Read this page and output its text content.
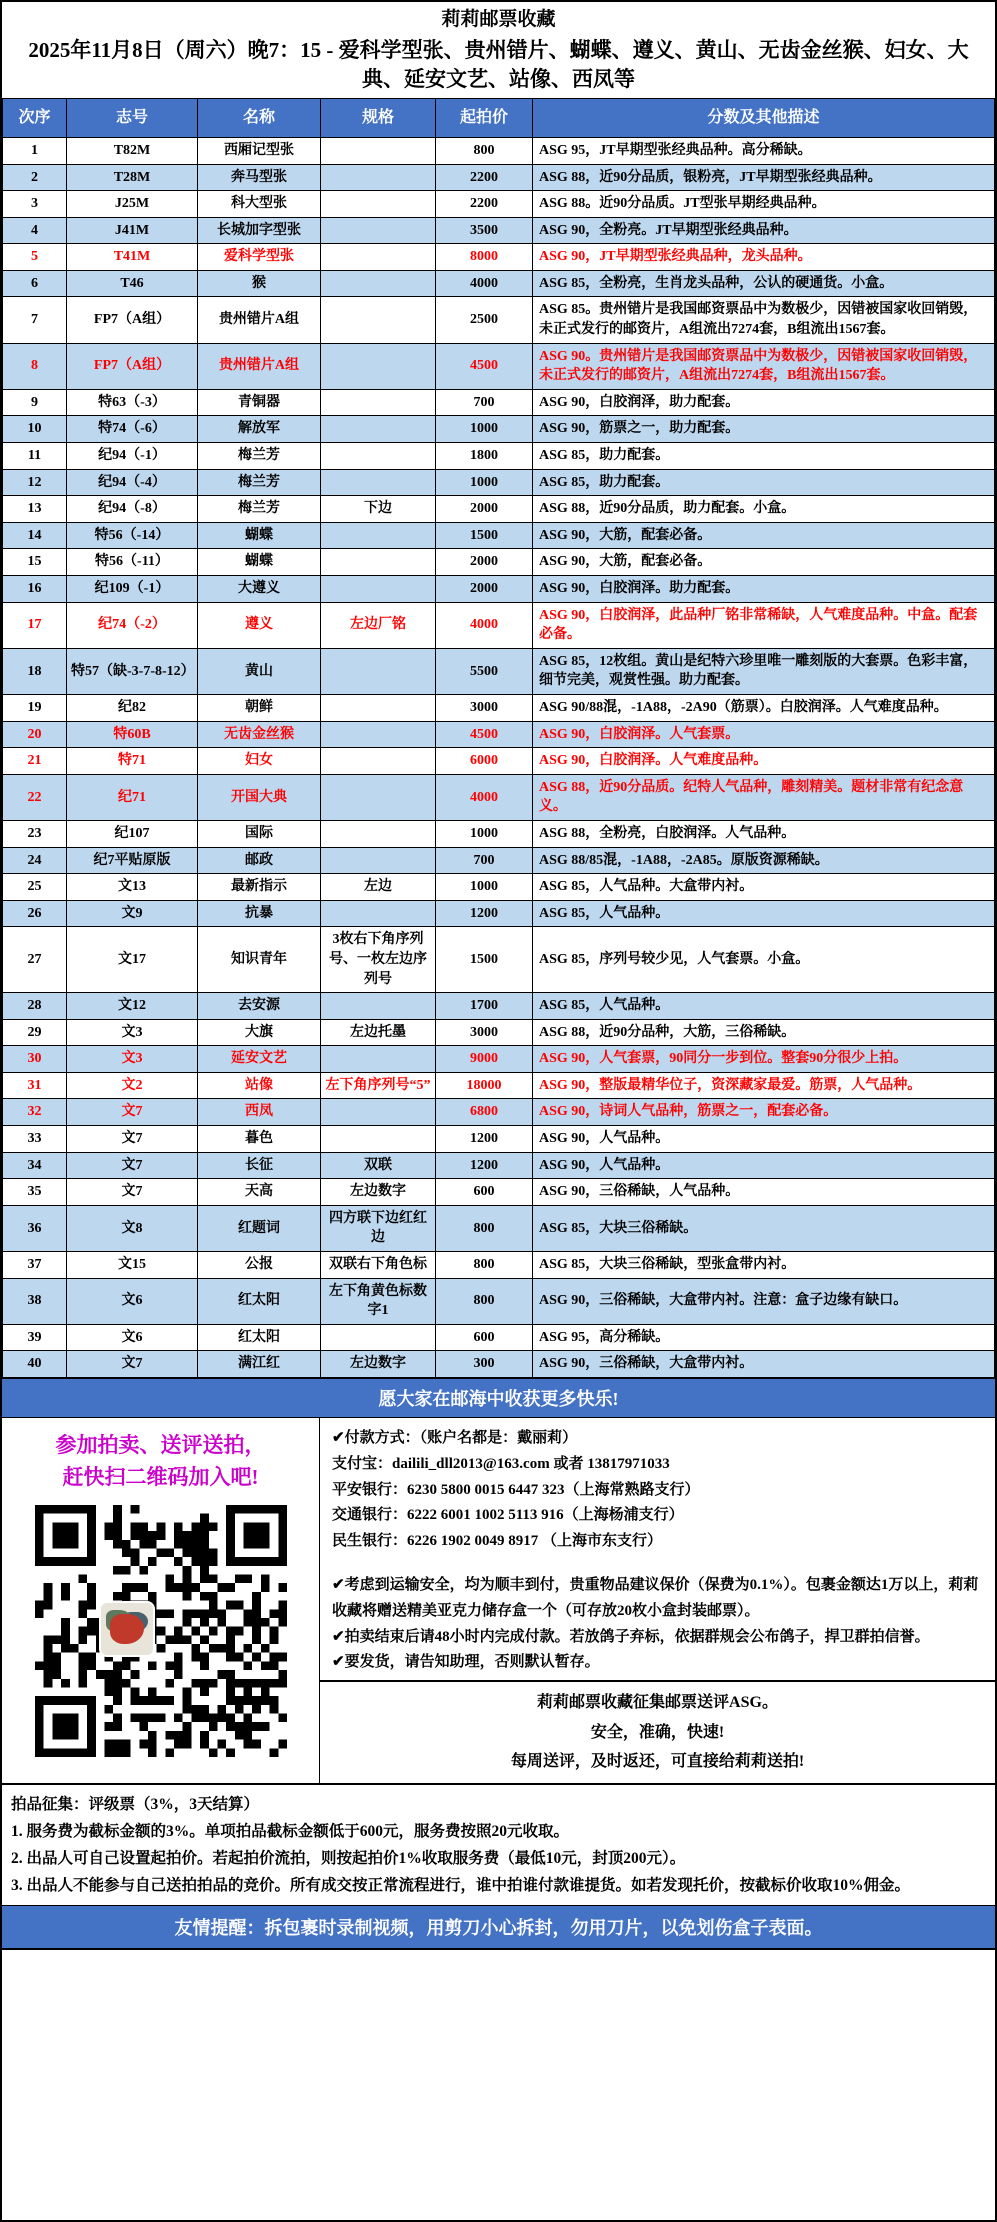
莉莉邮票收藏
2025年11月8日（周六）晚7：15 - 爱科学型张、贵州错片、蝴蝶、遵义、黄山、无齿金丝猴、妇女、大典、延安文艺、站像、西凤等
次序	志号	名称	规格	起拍价	分数及其他描述
1	T82M	西厢记型张		800	ASG 95，JT早期型张经典品种。高分稀缺。
2	T28M	奔马型张		2200	ASG 88，近90分品质，银粉亮，JT早期型张经典品种。
3	J25M	科大型张		2200	ASG 88。近90分品质。JT型张早期经典品种。
4	J41M	长城加字型张		3500	ASG 90，全粉亮。JT早期型张经典品种。
5	T41M	爱科学型张		8000	ASG 90，JT早期型张经典品种，龙头品种。
6	T46	猴		4000	ASG 85，全粉亮，生肖龙头品种，公认的硬通货。小盒。
7	FP7（A组）	贵州错片A组		2500	ASG 85。贵州错片是我国邮资票品中为数极少，因错被国家收回销毁，未正式发行的邮资片，A组流出7274套，B组流出1567套。
8	FP7（A组）	贵州错片A组		4500	ASG 90。贵州错片是我国邮资票品中为数极少，因错被国家收回销毁，未正式发行的邮资片，A组流出7274套，B组流出1567套。
9	特63（-3）	青铜器		700	ASG 90，白胶润泽，助力配套。
10	特74（-6）	解放军		1000	ASG 90，筋票之一，助力配套。
11	纪94（-1）	梅兰芳		1800	ASG 85，助力配套。
12	纪94（-4）	梅兰芳		1000	ASG 85，助力配套。
13	纪94（-8）	梅兰芳	下边	2000	ASG 88，近90分品质，助力配套。小盒。
14	特56（-14）	蝴蝶		1500	ASG 90，大筋，配套必备。
15	特56（-11）	蝴蝶		2000	ASG 90，大筋，配套必备。
16	纪109（-1）	大遵义		2000	ASG 90，白胶润泽。助力配套。
17	纪74（-2）	遵义	左边厂铭	4000	ASG 90，白胶润泽，此品种厂铭非常稀缺，人气难度品种。中盒。配套必备。
18	特57（缺-3-7-8-12）	黄山		5500	ASG 85，12枚组。黄山是纪特六珍里唯一雕刻版的大套票。色彩丰富，细节完美，观赏性强。助力配套。
19	纪82	朝鲜		3000	ASG 90/88混，-1A88，-2A90（筋票）。白胶润泽。人气难度品种。
20	特60B	无齿金丝猴		4500	ASG 90，白胶润泽。人气套票。
21	特71	妇女		6000	ASG 90，白胶润泽。人气难度品种。
22	纪71	开国大典		4000	ASG 88，近90分品质。纪特人气品种，雕刻精美。题材非常有纪念意义。
23	纪107	国际		1000	ASG 88，全粉亮，白胶润泽。人气品种。
24	纪7平贴原版	邮政		700	ASG 88/85混，-1A88，-2A85。原版资源稀缺。
25	文13	最新指示	左边	1000	ASG 85，人气品种。大盒带内衬。
26	文9	抗暴		1200	ASG 85，人气品种。
27	文17	知识青年	3枚右下角序列号、一枚左边序列号	1500	ASG 85，序列号较少见，人气套票。小盒。
28	文12	去安源		1700	ASG 85，人气品种。
29	文3	大旗	左边托墨	3000	ASG 88，近90分品种，大筋，三俗稀缺。
30	文3	延安文艺		9000	ASG 90，人气套票，90同分一步到位。整套90分很少上拍。
31	文2	站像	左下角序列号“5”	18000	ASG 90，整版最精华位子，资深藏家最爱。筋票，人气品种。
32	文7	西凤		6800	ASG 90，诗词人气品种，筋票之一，配套必备。
33	文7	暮色		1200	ASG 90，人气品种。
34	文7	长征	双联	1200	ASG 90，人气品种。
35	文7	天高	左边数字	600	ASG 90，三俗稀缺，人气品种。
36	文8	红题词	四方联下边红红边	800	ASG 85，大块三俗稀缺。
37	文15	公报	双联右下角色标	800	ASG 85，大块三俗稀缺，型张盒带内衬。
38	文6	红太阳	左下角黄色标数字1	800	ASG 90，三俗稀缺，大盒带内衬。注意：盒子边缘有缺口。
39	文6	红太阳		600	ASG 95，高分稀缺。
40	文7	满江红	左边数字	300	ASG 90，三俗稀缺，大盒带内衬。
愿大家在邮海中收获更多快乐!
参加拍卖、送评送拍，
赶快扫二维码加入吧!
✔付款方式：（账户名都是：戴丽莉）
支付宝：dailili_dll2013@163.com 或者 13817971033
平安银行：6230 5800 0015 6447 323（上海常熟路支行）
交通银行：6222 6001 1002 5113 916（上海杨浦支行）
民生银行：6226 1902 0049 8917 （上海市东支行）
✔考虑到运输安全，均为顺丰到付，贵重物品建议保价（保费为0.1%）。包裹金额达1万以上，莉莉收藏将赠送精美亚克力储存盒一个（可存放20枚小盒封装邮票）。
✔拍卖结束后请48小时内完成付款。若放鸽子弃标，依据群规会公布鸽子，捍卫群拍信誉。
✔要发货，请告知助理，否则默认暂存。
莉莉邮票收藏征集邮票送评ASG。
安全，准确，快速!
每周送评，及时返还，可直接给莉莉送拍!
拍品征集：评级票（3%，3天结算）
1. 服务费为截标金额的3%。单项拍品截标金额低于600元，服务费按照20元收取。
2. 出品人可自己设置起拍价。若起拍价流拍，则按起拍价1%收取服务费（最低10元，封顶200元）。
3. 出品人不能参与自己送拍拍品的竞价。所有成交按正常流程进行，谁中拍谁付款谁提货。如若发现托价，按截标价收取10%佣金。
友情提醒：拆包裹时录制视频，用剪刀小心拆封，勿用刀片，以免划伤盒子表面。
